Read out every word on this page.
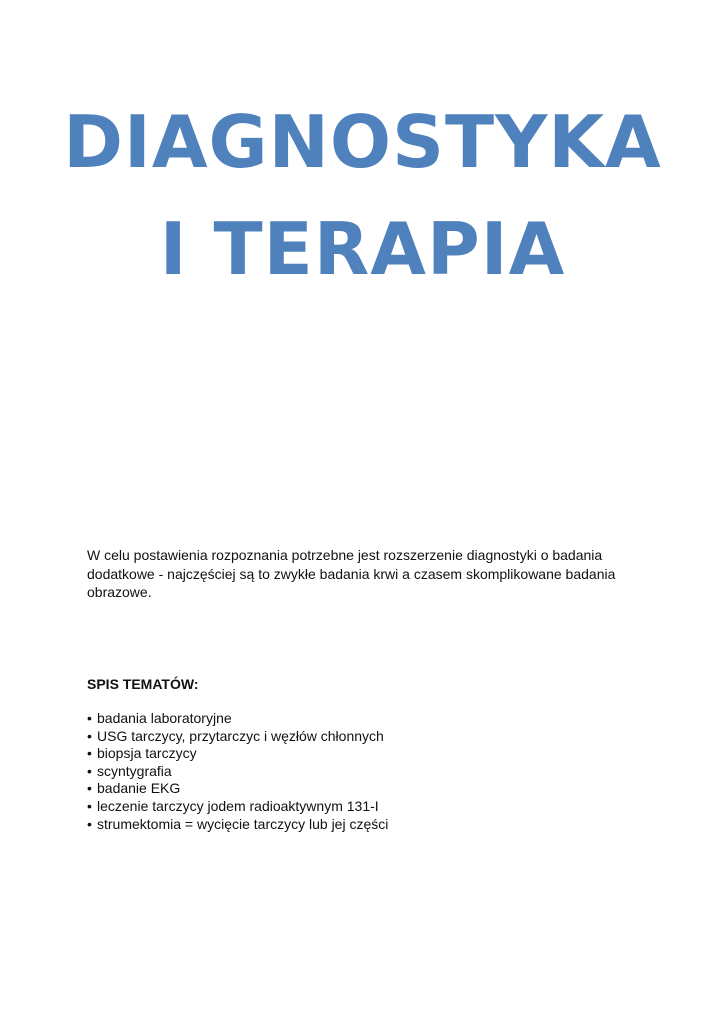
DIAGNOSTYKA
I TERAPIA

W celu postawienia rozpoznania potrzebne jest rozszerzenie diagnostyki o badania dodatkowe - najczęściej są to zwykłe badania krwi a czasem skomplikowane badania obrazowe.

SPIS TEMATÓW:

• badania laboratoryjne
• USG tarczycy, przytarczyc i węzłów chłonnych
• biopsja tarczycy
• scyntygrafia
• badanie EKG
• leczenie tarczycy jodem radioaktywnym 131-I
• strumektomia = wycięcie tarczycy lub jej części
